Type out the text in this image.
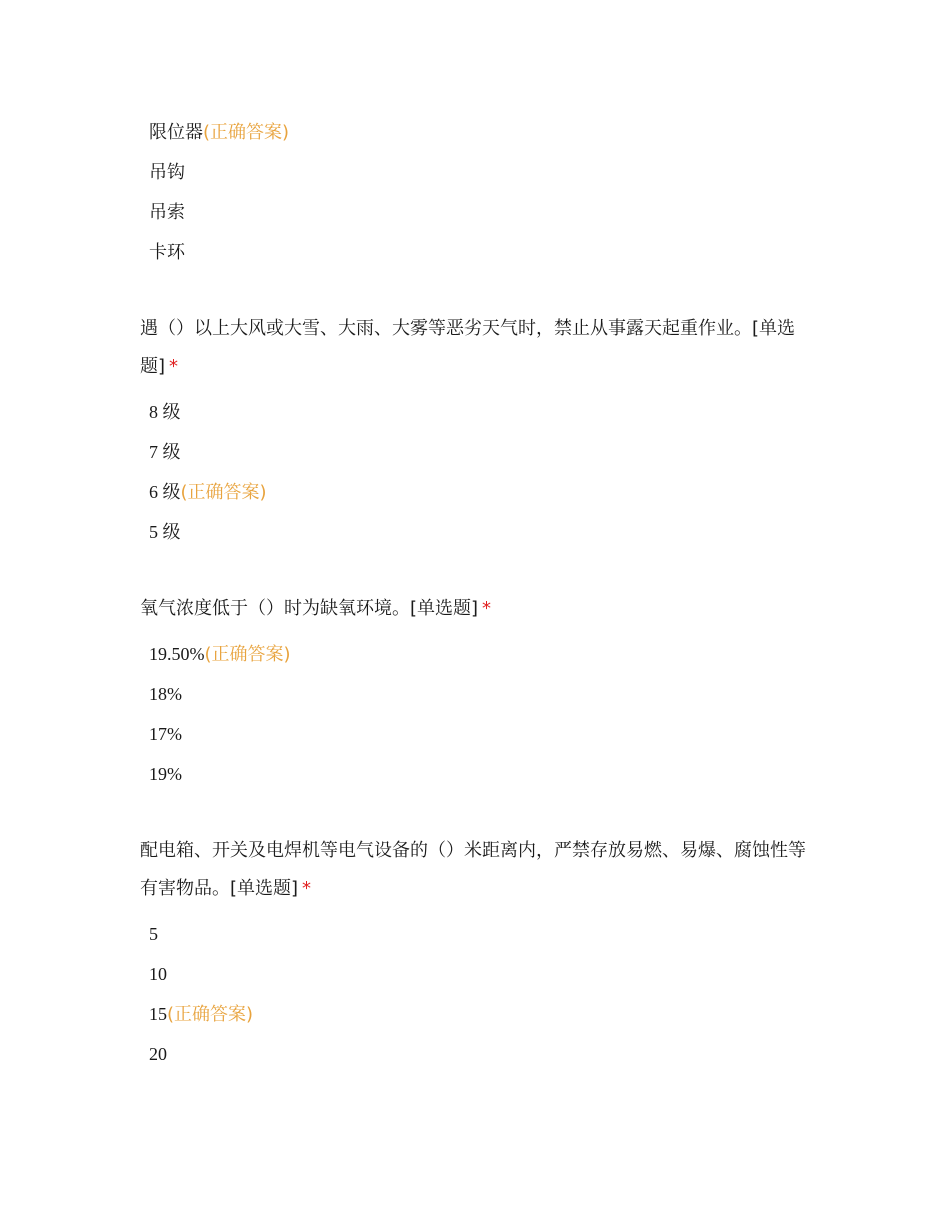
限位器(正确答案)
吊钩
吊索
卡环

遇（）以上大风或大雪、大雨、大雾等恶劣天气时，禁止从事露天起重作业。[单选题] *

8 级
7 级
6 级(正确答案)
5 级

氧气浓度低于（）时为缺氧环境。[单选题] *

19.50%(正确答案)
18%
17%
19%

配电箱、开关及电焊机等电气设备的（）米距离内，严禁存放易燃、易爆、腐蚀性等有害物品。[单选题] *

5
10
15(正确答案)
20
